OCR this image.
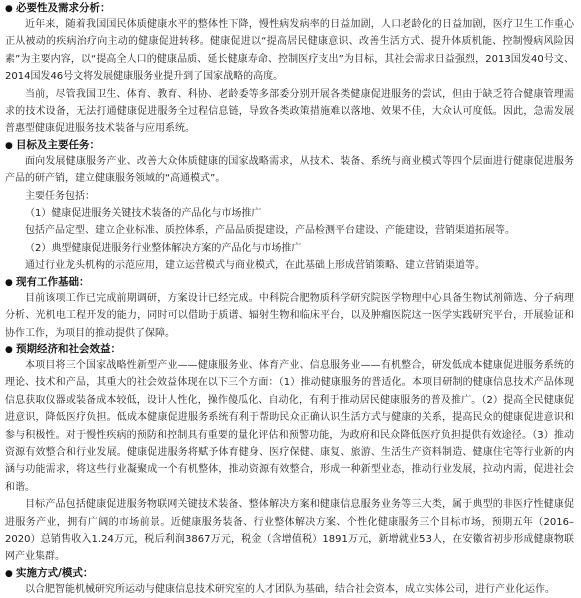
● 必要性及需求分析：

近年来，随着我国国民体质健康水平的整体性下降，慢性病发病率的日益加剧，人口老龄化的日益加剧，医疗卫生工作重心正从被动的疾病治疗向主动的健康促进转移。健康促进以“提高居民健康意识、改善生活方式、提升体质机能、控制慢病风险因素”为主要内容，以“提高全人口的健康品质、延长健康寿命、控制医疗支出”为目标，其社会需求日益强烈，2013国发40号文、2014国发46号文将发展健康服务业提升到了国家战略的高度。

当前，尽管我国卫生、体育、教育、科协、老龄委等多部委分别开展各类健康促进服务的尝试，但由于缺乏符合健康管理需求的技术设备，无法打通健康促进服务全过程信息链，导致各类政策措施难以落地、效果不佳，大众认可度低。因此，急需发展普惠型健康促进服务技术装备与应用系统。

● 目标及主要任务：

面向发展健康服务产业、改善大众体质健康的国家战略需求，从技术、装备、系统与商业模式等四个层面进行健康促进服务产品的研产销，建立健康服务领域的“高通模式”。

主要任务包括：

（1）健康促进服务关键技术装备的产品化与市场推广

包括产品定型、建立企业标准、质控体系，产品品质提建设，产品检测平台建设、产能建设，营销渠道拓展等。

（2）典型健康促进服务行业整体解决方案的产品化与市场推广

通过行业龙头机构的示范应用，建立运营模式与商业模式，在此基础上形成营销策略、建立营销渠道等。

● 现有工作基础：

目前该项工作已完成前期调研，方案设计已经完成。中科院合肥物质科学研究院医学物理中心具备生物试剂筛选、分子病理分析、光机电工程开发的能力，同时可以借助于质谱、辐射生物和临床平台，以及肿瘤医院这一医学实践研究平台，开展验证和协作工作，为项目的推动提供了保障。

● 预期经济和社会效益：

本项目将三个国家战略性新型产业——健康服务业、体育产业、信息服务业——有机整合，研发低成本健康促进服务系统的理论、技术和产品，其重大的社会效益体现在以下三个方面：（1）推动健康服务的普适化。本项目研制的健康信息技术产品体现信息获取仪器或装备成本较低，设计人性化，操作傻瓜化、自动化，有利于推动居民健康服务的普及推广。（2）提高全民健康促进意识，降低医疗负担。低成本健康促进服务系统有利于帮助民众正确认识生活方式与健康的关系，提高民众的健康促进意识和参与积极性。对于慢性疾病的预防和控制具有重要的量化评估和预警功能，为政府和民众降低医疗负担提供有效途径。（3）推动资源有效整合和行业发展。健康促进服务将赋予体育健身、医疗保健、康复、旅游、生活生产资料制造、健康住宅等行业新的内涵与功能需求，将这些行业凝聚成一个有机整体，推动资源有效整合，形成一种新型业态，推动行业发展，拉动内需，促进社会和谐。

目标产品包括健康促进服务物联网关键技术装备、整体解决方案和健康信息服务业务等三大类，属于典型的非医疗性健康促进服务产业，拥有广阔的市场前景。近健康服务装备、行业整体解决方案、个性化健康服务三个目标市场，预期五年（2016–2020）总销售收入1.24万元，税后利润3867万元，税金（含增值税）1891万元，新增就业53人，在安徽省初步形成健康物联网产业集群。

● 实施方式/模式：

以合肥智能机械研究所运动与健康信息技术研究室的人才团队为基础，结合社会资本，成立实体公司，进行产业化运作。
